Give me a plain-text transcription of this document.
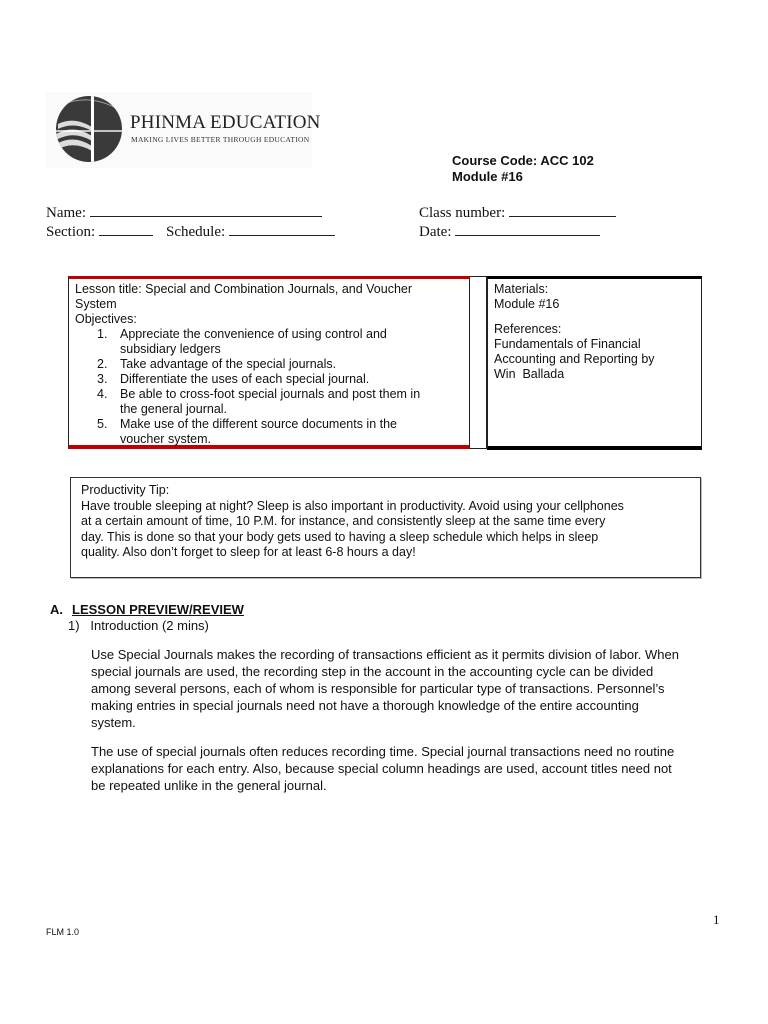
PHINMA EDUCATION
MAKING LIVES BETTER THROUGH EDUCATION
Course Code: ACC 102
Module #16
Name:	Class number:
Section:	Schedule:	Date:
Lesson title: Special and Combination Journals, and Voucher
System
Objectives:
1. Appreciate the convenience of using control and
subsidiary ledgers
2. Take advantage of the special journals.
3. Differentiate the uses of each special journal.
4. Be able to cross-foot special journals and post them in
the general journal.
5. Make use of the different source documents in the
voucher system.
Materials:
Module #16
References:
Fundamentals of Financial
Accounting and Reporting by
Win  Ballada
Productivity Tip:
Have trouble sleeping at night? Sleep is also important in productivity. Avoid using your cellphones
at a certain amount of time, 10 P.M. for instance, and consistently sleep at the same time every
day. This is done so that your body gets used to having a sleep schedule which helps in sleep
quality. Also don’t forget to sleep for at least 6-8 hours a day!
A. LESSON PREVIEW/REVIEW
1)   Introduction (2 mins)
Use Special Journals makes the recording of transactions efficient as it permits division of labor. When
special journals are used, the recording step in the account in the accounting cycle can be divided
among several persons, each of whom is responsible for particular type of transactions. Personnel’s
making entries in special journals need not have a thorough knowledge of the entire accounting
system.
The use of special journals often reduces recording time. Special journal transactions need no routine
explanations for each entry. Also, because special column headings are used, account titles need not
be repeated unlike in the general journal.
1
FLM 1.0
